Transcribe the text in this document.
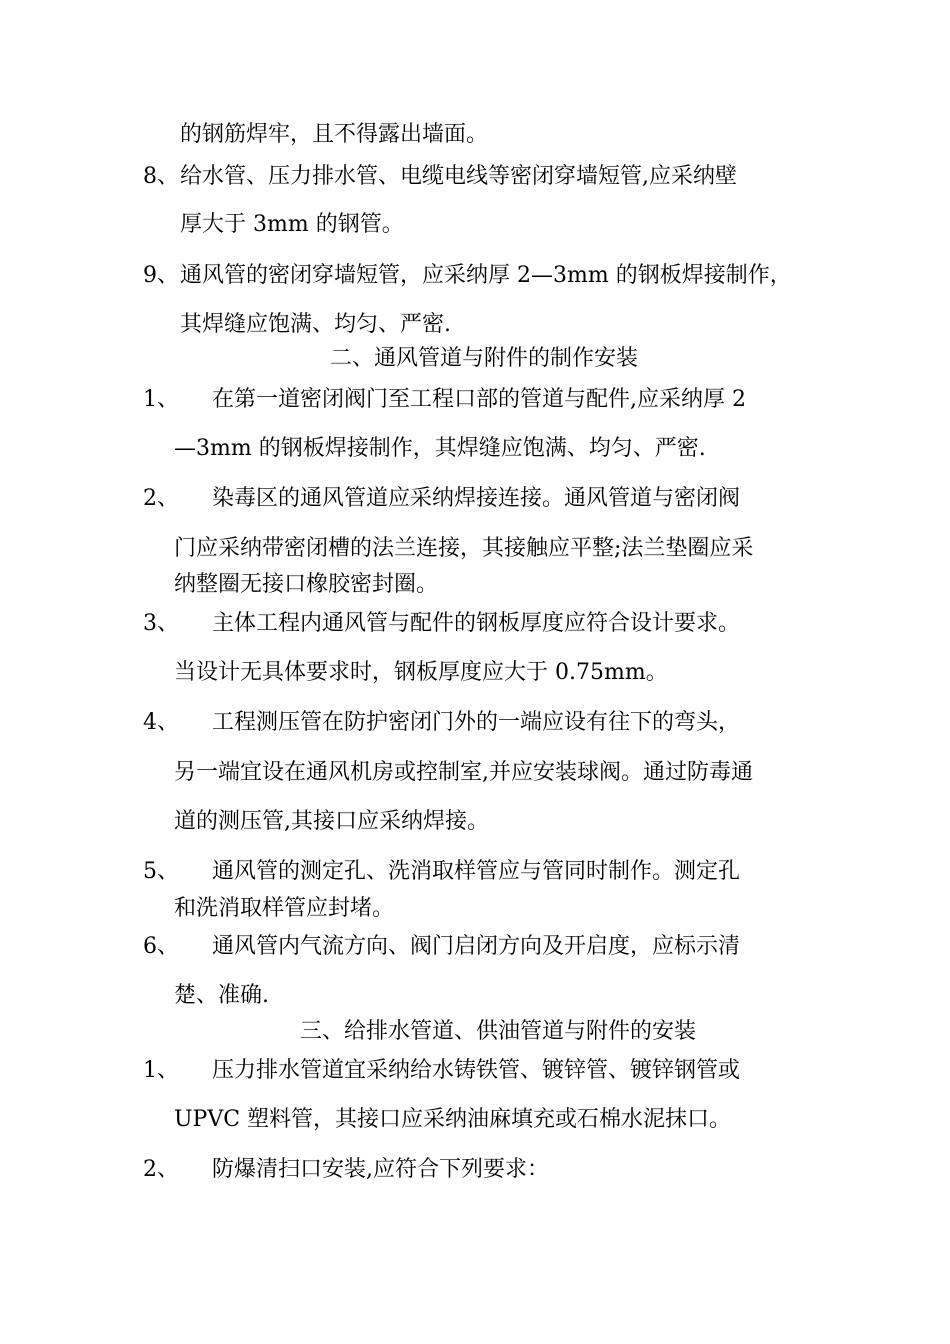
的钢筋焊牢，且不得露出墙面。
8、 给水管、压力排水管、电缆电线等密闭穿墙短管,应采纳壁
厚大于 3mm 的钢管。
9、 通风管的密闭穿墙短管，应采纳厚 2—3mm 的钢板焊接制作，
其焊缝应饱满、均匀、严密.
二、通风管道与附件的制作安装
1、 在第一道密闭阀门至工程口部的管道与配件,应采纳厚 2
—3mm 的钢板焊接制作，其焊缝应饱满、均匀、严密.
2、 染毒区的通风管道应采纳焊接连接。通风管道与密闭阀
门应采纳带密闭槽的法兰连接，其接触应平整;法兰垫圈应采
纳整圈无接口橡胶密封圈。
3、 主体工程内通风管与配件的钢板厚度应符合设计要求。
当设计无具体要求时，钢板厚度应大于 0.75mm。
4、 工程测压管在防护密闭门外的一端应设有往下的弯头，
另一端宜设在通风机房或控制室,并应安装球阀。通过防毒通
道的测压管,其接口应采纳焊接。
5、 通风管的测定孔、洗消取样管应与管同时制作。测定孔
和洗消取样管应封堵。
6、 通风管内气流方向、阀门启闭方向及开启度，应标示清
楚、准确.
三、给排水管道、供油管道与附件的安装
1、 压力排水管道宜采纳给水铸铁管、镀锌管、镀锌钢管或
UPVC 塑料管，其接口应采纳油麻填充或石棉水泥抹口。
2、 防爆清扫口安装,应符合下列要求：
